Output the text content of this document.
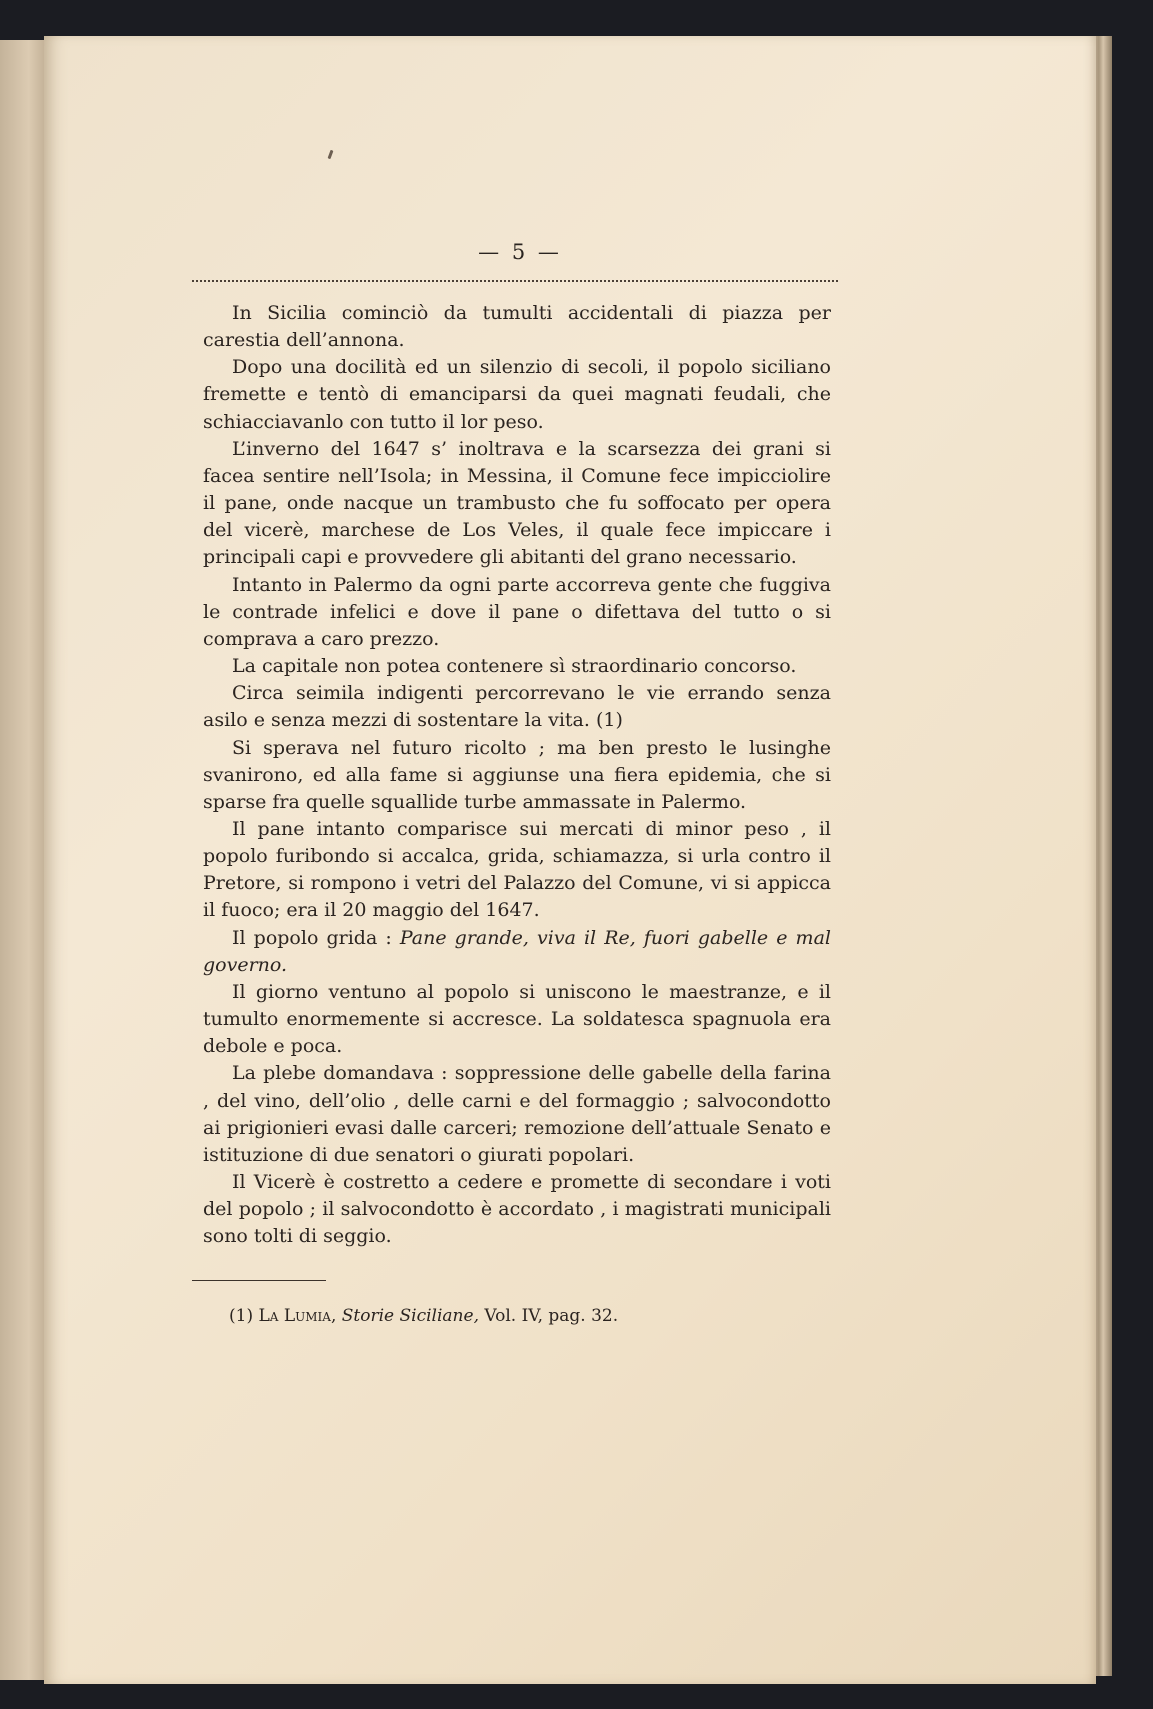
— 5 —

In Sicilia cominciò da tumulti accidentali di piazza per carestia dell’annona.

Dopo una docilità ed un silenzio di secoli, il popolo siciliano fremette e tentò di emanciparsi da quei magnati feudali, che schiacciavanlo con tutto il lor peso.

L’inverno del 1647 s’ inoltrava e la scarsezza dei grani si facea sentire nell’Isola; in Messina, il Comune fece impicciolire il pane, onde nacque un trambusto che fu soffocato per opera del vicerè, marchese de Los Veles, il quale fece impiccare i principali capi e provvedere gli abitanti del grano necessario.

Intanto in Palermo da ogni parte accorreva gente che fuggiva le contrade infelici e dove il pane o difettava del tutto o si comprava a caro prezzo.

La capitale non potea contenere sì straordinario concorso.

Circa seimila indigenti percorrevano le vie errando senza asilo e senza mezzi di sostentare la vita. (1)

Si sperava nel futuro ricolto ; ma ben presto le lusinghe svanirono, ed alla fame si aggiunse una fiera epidemia, che si sparse fra quelle squallide turbe ammassate in Palermo.

Il pane intanto comparisce sui mercati di minor peso , il popolo furibondo si accalca, grida, schiamazza, si urla contro il Pretore, si rompono i vetri del Palazzo del Comune, vi si appicca il fuoco; era il 20 maggio del 1647.

Il popolo grida : Pane grande, viva il Re, fuori gabelle e mal governo.

Il giorno ventuno al popolo si uniscono le maestranze, e il tumulto enormemente si accresce. La soldatesca spagnuola era debole e poca.

La plebe domandava : soppressione delle gabelle della farina , del vino, dell’olio , delle carni e del formaggio ; salvocondotto ai prigionieri evasi dalle carceri; remozione dell’attuale Senato e istituzione di due senatori o giurati popolari.

Il Vicerè è costretto a cedere e promette di secondare i voti del popolo ; il salvocondotto è accordato , i magistrati municipali sono tolti di seggio.

(1) La Lumia, Storie Siciliane, Vol. IV, pag. 32.
